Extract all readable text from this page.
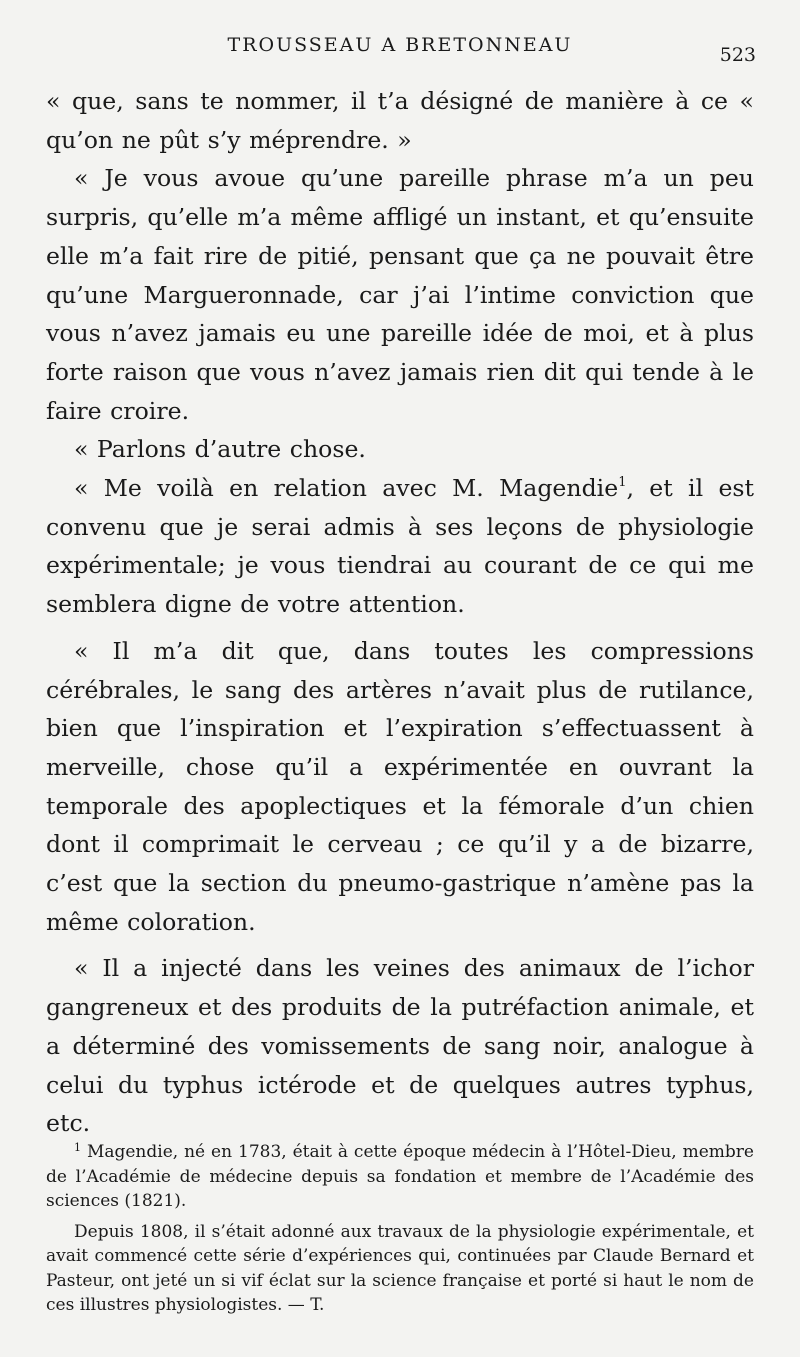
TROUSSEAU A BRETONNEAU	523

« que, sans te nommer, il t’a désigné de manière à ce « qu’on ne pût s’y méprendre. »

« Je vous avoue qu’une pareille phrase m’a un peu surpris, qu’elle m’a même affligé un instant, et qu’ensuite elle m’a fait rire de pitié, pensant que ça ne pouvait être qu’une Margueronnade, car j’ai l’intime conviction que vous n’avez jamais eu une pareille idée de moi, et à plus forte raison que vous n’avez jamais rien dit qui tende à le faire croire.

« Parlons d’autre chose.

« Me voilà en relation avec M. Magendie$^1$, et il est convenu que je serai admis à ses leçons de physiologie expérimentale; je vous tiendrai au courant de ce qui me semblera digne de votre attention.

« Il m’a dit que, dans toutes les compressions cérébrales, le sang des artères n’avait plus de rutilance, bien que l’inspiration et l’expiration s’effectuassent à merveille, chose qu’il a expérimentée en ouvrant la temporale des apoplectiques et la fémorale d’un chien dont il comprimait le cerveau ; ce qu’il y a de bizarre, c’est que la section du pneumo-gastrique n’amène pas la même coloration.

« Il a injecté dans les veines des animaux de l’ichor gangreneux et des produits de la putréfaction animale, et a déterminé des vomissements de sang noir, analogue à celui du typhus ictérode et de quelques autres typhus, etc.

$^1$ Magendie, né en 1783, était à cette époque médecin à l’Hôtel-Dieu, membre de l’Académie de médecine depuis sa fondation et membre de l’Académie des sciences (1821).

Depuis 1808, il s’était adonné aux travaux de la physiologie expérimentale, et avait commencé cette série d’expériences qui, continuées par Claude Bernard et Pasteur, ont jeté un si vif éclat sur la science française et porté si haut le nom de ces illustres physiologistes. — T.
